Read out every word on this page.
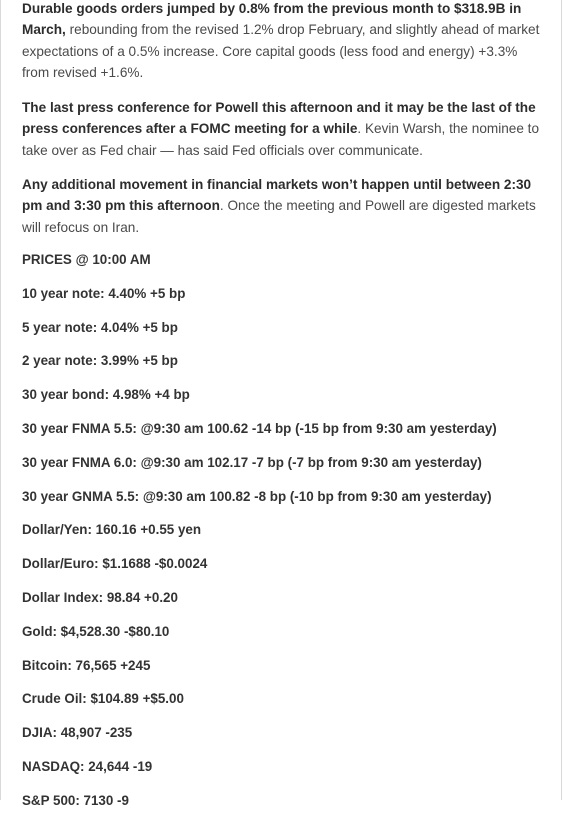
Durable goods orders jumped by 0.8% from the previous month to $318.9B in March, rebounding from the revised 1.2% drop February, and slightly ahead of market expectations of a 0.5% increase. Core capital goods (less food and energy) +3.3% from revised +1.6%.

The last press conference for Powell this afternoon and it may be the last of the press conferences after a FOMC meeting for a while. Kevin Warsh, the nominee to take over as Fed chair — has said Fed officials over communicate.

Any additional movement in financial markets won’t happen until between 2:30 pm and 3:30 pm this afternoon. Once the meeting and Powell are digested markets will refocus on Iran.

PRICES @ 10:00 AM
10 year note: 4.40% +5 bp
5 year note: 4.04% +5 bp
2 year note: 3.99% +5 bp
30 year bond: 4.98% +4 bp
30 year FNMA 5.5: @9:30 am 100.62 -14 bp (-15 bp from 9:30 am yesterday)
30 year FNMA 6.0: @9:30 am 102.17 -7 bp (-7 bp from 9:30 am yesterday)
30 year GNMA 5.5: @9:30 am 100.82 -8 bp (-10 bp from 9:30 am yesterday)
Dollar/Yen: 160.16 +0.55 yen
Dollar/Euro: $1.1688 -$0.0024
Dollar Index: 98.84 +0.20
Gold: $4,528.30 -$80.10
Bitcoin: 76,565 +245
Crude Oil: $104.89 +$5.00
DJIA: 48,907 -235
NASDAQ: 24,644 -19
S&P 500: 7130 -9
